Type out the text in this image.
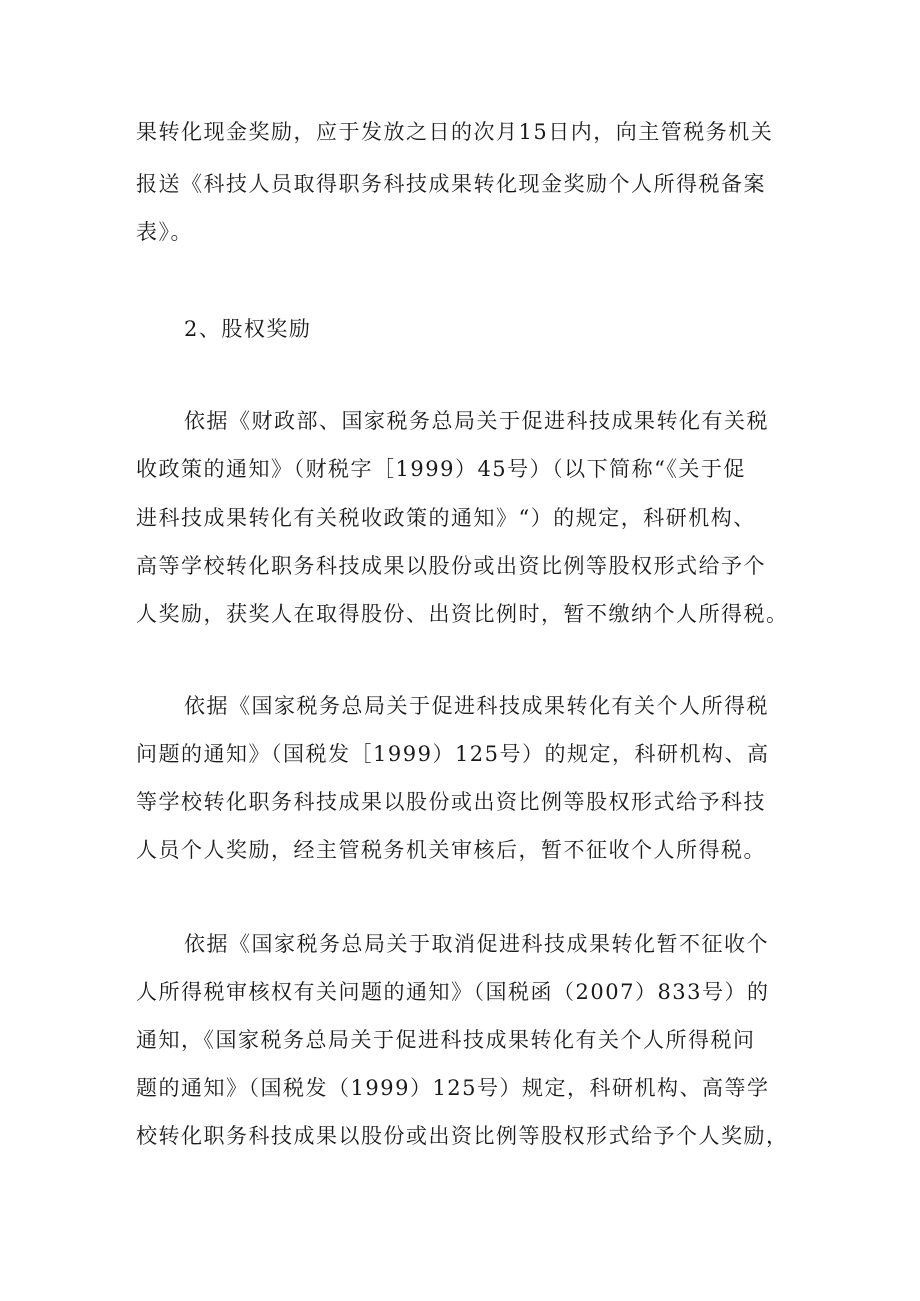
果转化现金奖励，应于发放之日的次月15日内，向主管税务机关
报送《科技人员取得职务科技成果转化现金奖励个人所得税备案
表》。
2、股权奖励
依据《财政部、国家税务总局关于促进科技成果转化有关税
收政策的通知》（财税字［1999）45号）（以下简称“《关于促
进科技成果转化有关税收政策的通知》“）的规定，科研机构、
高等学校转化职务科技成果以股份或出资比例等股权形式给予个
人奖励，获奖人在取得股份、出资比例时，暂不缴纳个人所得税。
依据《国家税务总局关于促进科技成果转化有关个人所得税
问题的通知》（国税发［1999）125号）的规定，科研机构、高
等学校转化职务科技成果以股份或出资比例等股权形式给予科技
人员个人奖励，经主管税务机关审核后，暂不征收个人所得税。
依据《国家税务总局关于取消促进科技成果转化暂不征收个
人所得税审核权有关问题的通知》（国税函（2007）833号）的
通知，《国家税务总局关于促进科技成果转化有关个人所得税问
题的通知》（国税发（1999）125号）规定，科研机构、高等学
校转化职务科技成果以股份或出资比例等股权形式给予个人奖励，
